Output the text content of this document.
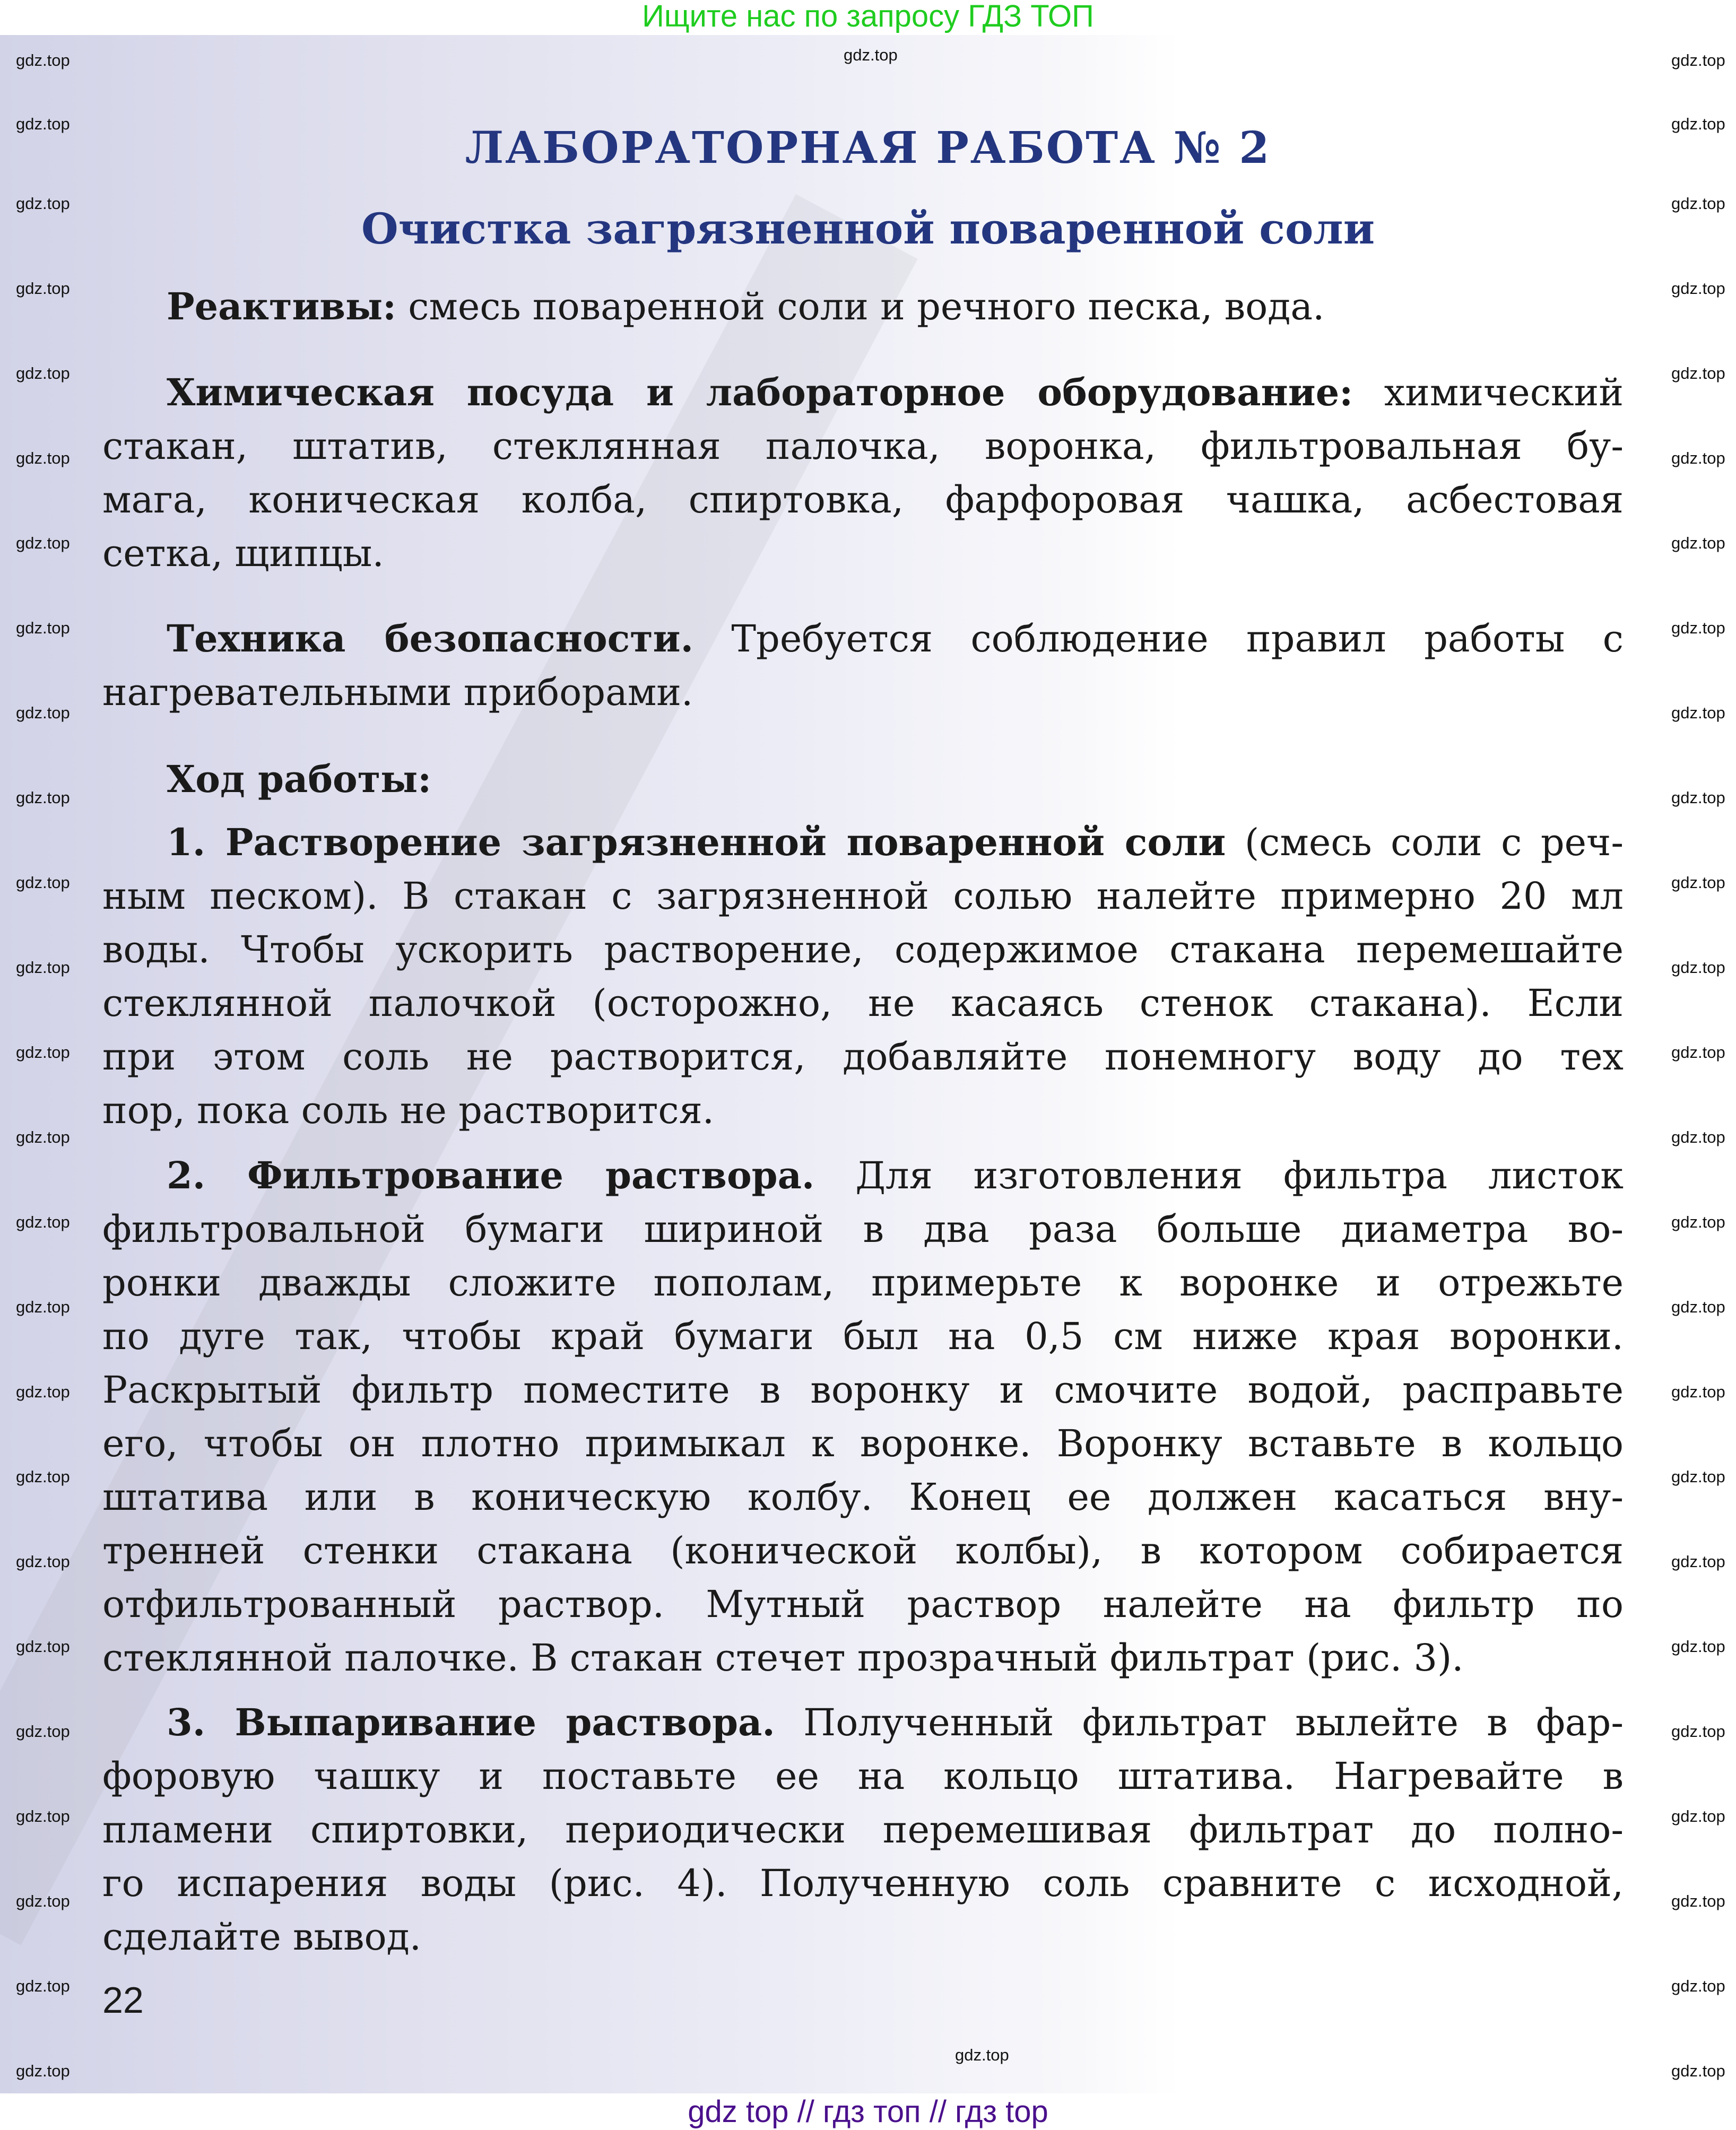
Ищите нас по запросу ГДЗ ТОП
ЛАБОРАТОРНАЯ РАБОТА № 2
Очистка загрязненной поваренной соли
Реактивы: смесь поваренной соли и речного песка, вода.
Химическая посуда и лабораторное оборудование: химический
стакан, штатив, стеклянная палочка, воронка, фильтровальная бу-
мага, коническая колба, спиртовка, фарфоровая чашка, асбестовая
сетка, щипцы.
Техника безопасности. Требуется соблюдение правил работы с
нагревательными приборами.
Ход работы:
1. Растворение загрязненной поваренной соли (смесь соли с реч-
ным песком). В стакан с загрязненной солью налейте примерно 20 мл
воды. Чтобы ускорить растворение, содержимое стакана перемешайте
стеклянной палочкой (осторожно, не касаясь стенок стакана). Если
при этом соль не растворится, добавляйте понемногу воду до тех
пор, пока соль не растворится.
2. Фильтрование раствора. Для изготовления фильтра листок
фильтровальной бумаги шириной в два раза больше диаметра во-
ронки дважды сложите пополам, примерьте к воронке и отрежьте
по дуге так, чтобы край бумаги был на 0,5 см ниже края воронки.
Раскрытый фильтр поместите в воронку и смочите водой, расправьте
его, чтобы он плотно примыкал к воронке. Воронку вставьте в кольцо
штатива или в коническую колбу. Конец ее должен касаться вну-
тренней стенки стакана (конической колбы), в котором собирается
отфильтрованный раствор. Мутный раствор налейте на фильтр по
стеклянной палочке. В стакан стечет прозрачный фильтрат (рис. 3).
3. Выпаривание раствора. Полученный фильтрат вылейте в фар-
форовую чашку и поставьте ее на кольцо штатива. Нагревайте в
пламени спиртовки, периодически перемешивая фильтрат до полно-
го испарения воды (рис. 4). Полученную соль сравните с исходной,
сделайте вывод.
22
gdz.top
gdz.top
gdz.top	gdz.top
gdz.top	gdz.top
gdz.top	gdz.top
gdz.top	gdz.top
gdz.top	gdz.top
gdz.top	gdz.top
gdz.top	gdz.top
gdz.top	gdz.top
gdz.top	gdz.top
gdz.top	gdz.top
gdz.top	gdz.top
gdz.top	gdz.top
gdz.top	gdz.top
gdz.top	gdz.top
gdz.top	gdz.top
gdz.top	gdz.top
gdz.top	gdz.top
gdz.top	gdz.top
gdz.top	gdz.top
gdz.top	gdz.top
gdz.top	gdz.top
gdz.top	gdz.top
gdz.top	gdz.top
gdz.top	gdz.top
gdz.top	gdz.top
gdz top // гдз топ // гдз top
